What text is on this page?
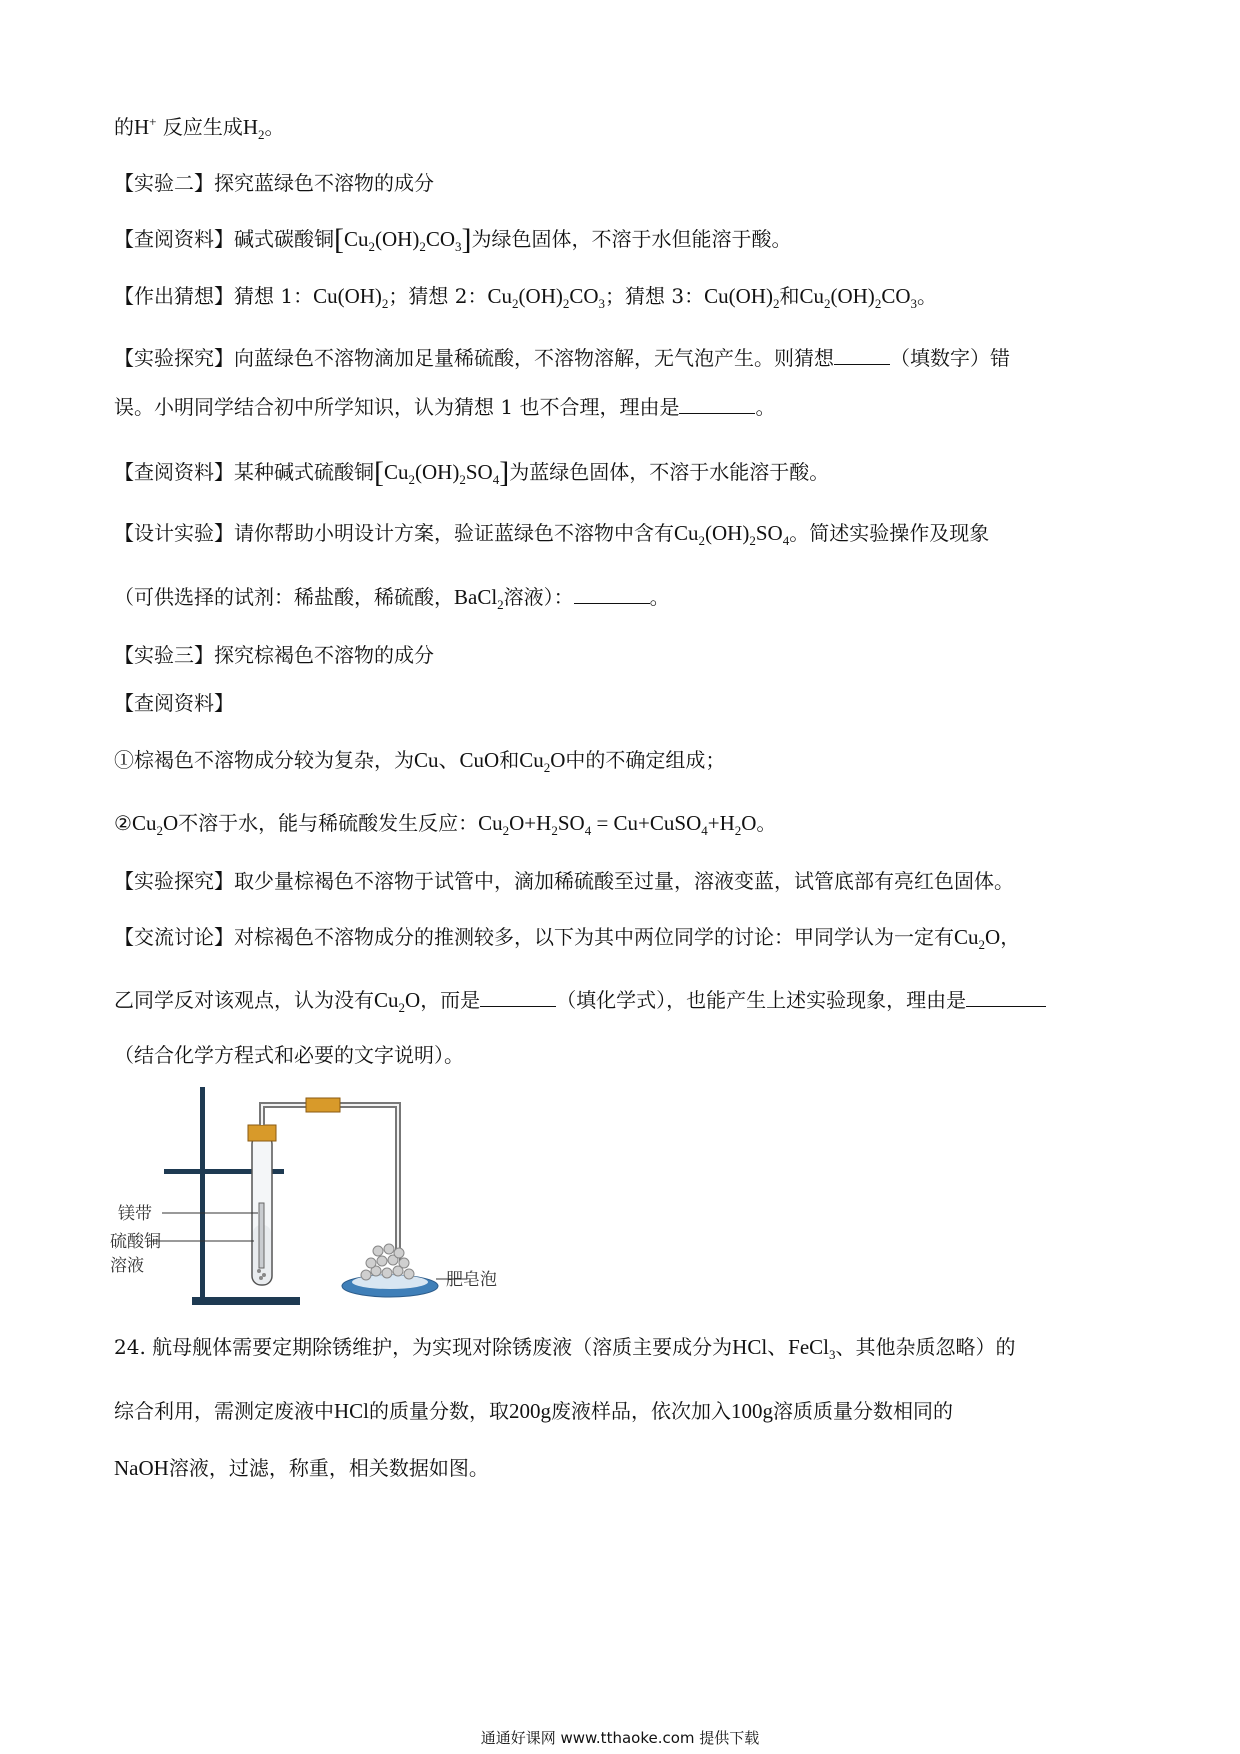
的H+ 反应生成$H_2$。
【实验二】探究蓝绿色不溶物的成分
【查阅资料】碱式碳酸铜$[Cu_2(OH)_2CO_3]$为绿色固体，不溶于水但能溶于酸。
【作出猜想】猜想 1：$Cu(OH)_2$；猜想 2：$Cu_2(OH)_2CO_3$；猜想 3：$Cu(OH)_2$和$Cu_2(OH)_2CO_3$。
【实验探究】向蓝绿色不溶物滴加足量稀硫酸，不溶物溶解，无气泡产生。则猜想	（填数字）错
误。小明同学结合初中所学知识，认为猜想 1 也不合理，理由是	。
【查阅资料】某种碱式硫酸铜$[Cu_2(OH)_2SO_4]$为蓝绿色固体，不溶于水能溶于酸。
【设计实验】请你帮助小明设计方案，验证蓝绿色不溶物中含有$Cu_2(OH)_2SO_4$。简述实验操作及现象
（可供选择的试剂：稀盐酸，稀硫酸，BaCl$_2$溶液）：	。
【实验三】探究棕褐色不溶物的成分
【查阅资料】
①棕褐色不溶物成分较为复杂，为Cu、CuO和$Cu_2O$中的不确定组成；
$②Cu_2O$不溶于水，能与稀硫酸发生反应：$Cu_2O+H_2SO_4$ = $Cu+CuSO_4+H_2O$。
【实验探究】取少量棕褐色不溶物于试管中，滴加稀硫酸至过量，溶液变蓝，试管底部有亮红色固体。
【交流讨论】对棕褐色不溶物成分的推测较多，以下为其中两位同学的讨论：甲同学认为一定有$Cu_2O$，
乙同学反对该观点，认为没有$Cu_2O$，而是	（填化学式），也能产生上述实验现象，理由是
（结合化学方程式和必要的文字说明）。
镁带
硫酸铜
溶液
肥皂泡
24. 航母舰体需要定期除锈维护，为实现对除锈废液（溶质主要成分为HCl、FeCl$_3$、其他杂质忽略）的
综合利用，需测定废液中HCl的质量分数，取200g废液样品，依次加入100g溶质质量分数相同的
NaOH溶液，过滤，称重，相关数据如图。
通通好课网 www.tthaoke.com 提供下载
